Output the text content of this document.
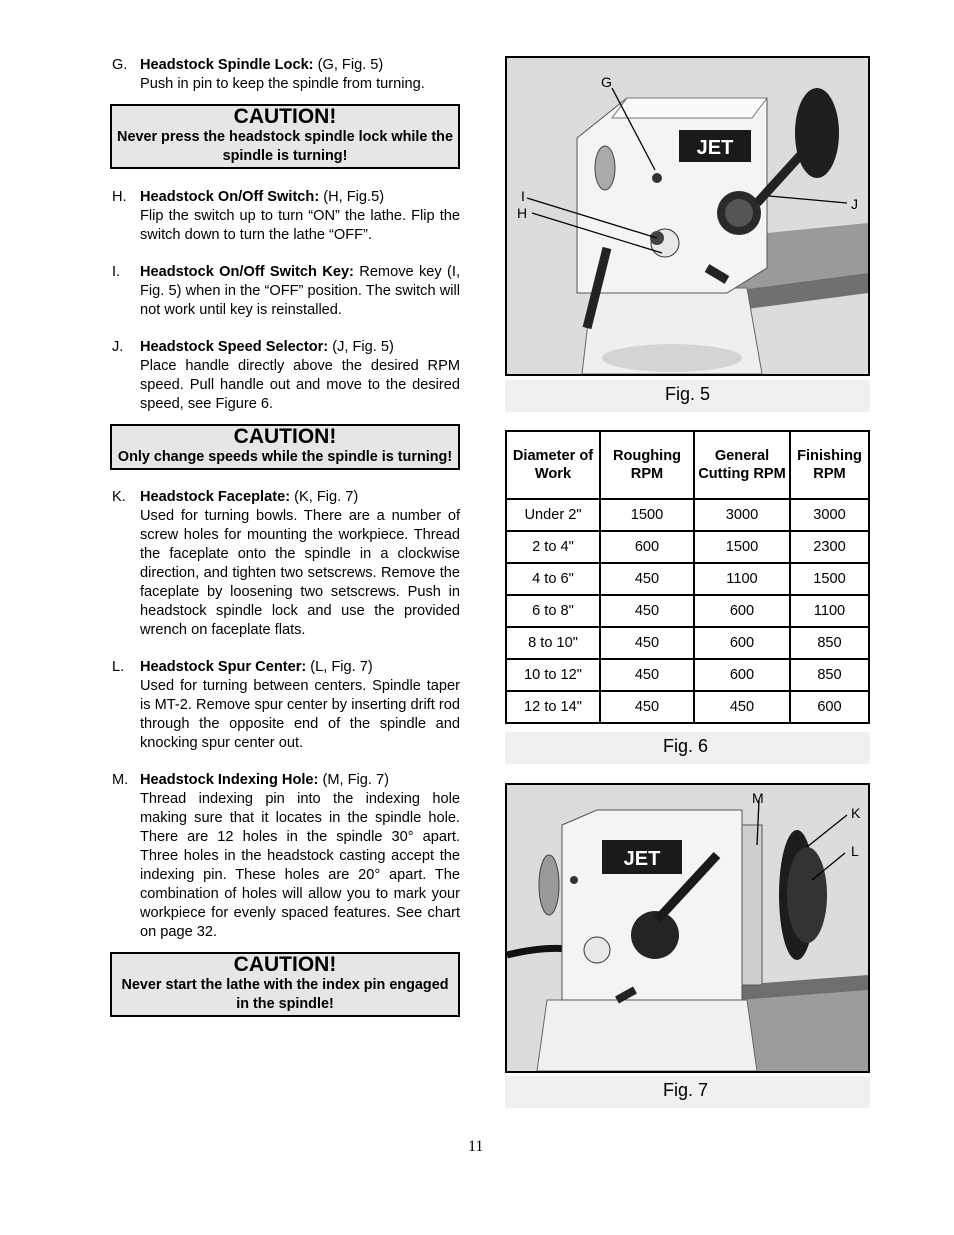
G. Headstock Spindle Lock: (G, Fig. 5)
Push in pin to keep the spindle from turning.
CAUTION!
Never press the headstock spindle lock while the spindle is turning!
H. Headstock On/Off Switch: (H, Fig.5)
Flip the switch up to turn “ON” the lathe. Flip the switch down to turn the lathe “OFF”.
I. Headstock On/Off Switch Key: Remove key (I, Fig. 5) when in the “OFF” position. The switch will not work until key is reinstalled.
J. Headstock Speed Selector: (J, Fig. 5)
Place handle directly above the desired RPM speed. Pull handle out and move to the desired speed, see Figure 6.
CAUTION!
Only change speeds while the spindle is turning!
K. Headstock Faceplate: (K, Fig. 7)
Used for turning bowls. There are a number of screw holes for mounting the workpiece. Thread the faceplate onto the spindle in a clockwise direction, and tighten two setscrews. Remove the faceplate by loosening two setscrews. Push in headstock spindle lock and use the provided wrench on faceplate flats.
L. Headstock Spur Center: (L, Fig. 7)
Used for turning between centers. Spindle taper is MT-2. Remove spur center by inserting drift rod through the opposite end of the spindle and knocking spur center out.
M. Headstock Indexing Hole: (M, Fig. 7)
Thread indexing pin into the indexing hole making sure that it locates in the spindle hole. There are 12 holes in the spindle 30° apart. Three holes in the headstock casting accept the indexing pin. These holes are 20° apart. The combination of holes will allow you to mark your workpiece for evenly spaced features. See chart on page 32.
CAUTION!
Never start the lathe with the index pin engaged in the spindle!
JET
G
I
H
J
Fig. 5
Diameter of Work	Roughing RPM	General Cutting RPM	Finishing RPM
Under 2"	1500	3000	3000
2 to 4"	600	1500	2300
4 to 6"	450	1100	1500
6 to 8"	450	600	1100
8 to 10"	450	600	850
10 to 12"	450	600	850
12 to 14"	450	450	600
Fig. 6
JET
M
K
L
Fig. 7
11
